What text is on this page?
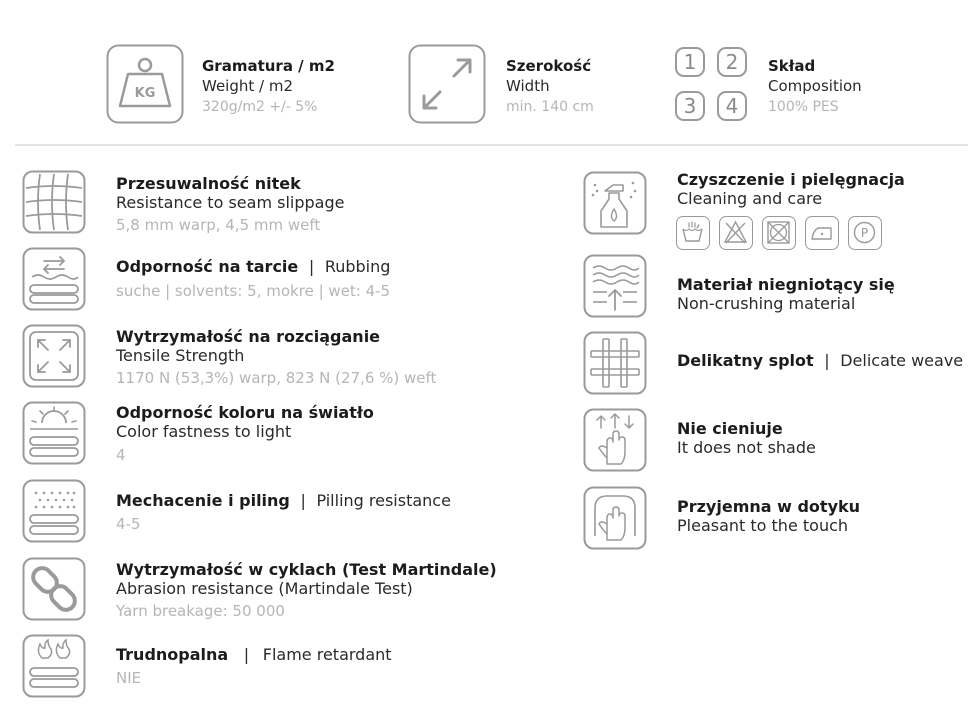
KG
Gramatura / m2
Weight / m2
320g/m2 +/- 5%
Szerokość
Width
min. 140 cm
1	2
3	4
Skład
Composition
100% PES
Przesuwalność nitek
Resistance to seam slippage
5,8 mm warp, 4,5 mm weft
Odporność na tarcie | Rubbing
suche | solvents: 5, mokre | wet: 4-5
Wytrzymałość na rozciąganie
Tensile Strength
1170 N (53,3%) warp, 823 N (27,6 %) weft
Odporność koloru na światło
Color fastness to light
4
Mechacenie i piling | Pilling resistance
4-5
Wytrzymałość w cyklach (Test Martindale)
Abrasion resistance (Martindale Test)
Yarn breakage: 50 000
Trudnopalna | Flame retardant
NIE
Czyszczenie i pielęgnacja
Cleaning and care
P
Materiał niegniotący się
Non-crushing material
Delikatny splot | Delicate weave
Nie cieniuje
It does not shade
Przyjemna w dotyku
Pleasant to the touch
